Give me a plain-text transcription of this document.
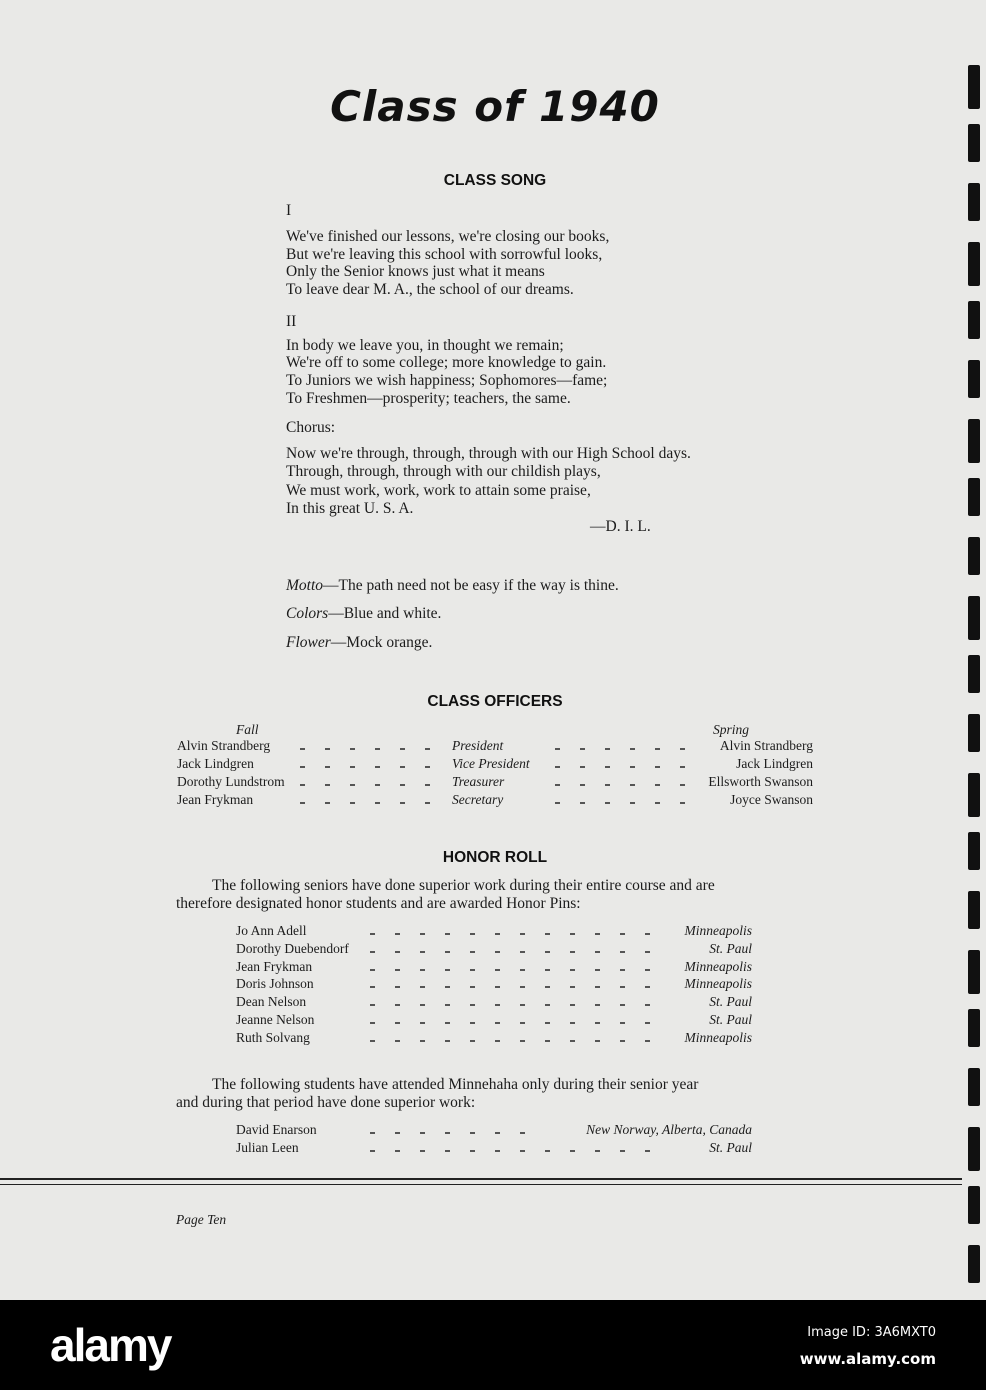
Class of 1940
CLASS SONG
I
We've finished our lessons, we're closing our books,
But we're leaving this school with sorrowful looks,
Only the Senior knows just what it means
To leave dear M. A., the school of our dreams.
II
In body we leave you, in thought we remain;
We're off to some college; more knowledge to gain.
To Juniors we wish happiness; Sophomores—fame;
To Freshmen—prosperity; teachers, the same.
Chorus:
Now we're through, through, through with our High School days.
Through, through, through with our childish plays,
We must work, work, work to attain some praise,
In this great U. S. A.
—D. I. L.
Motto—The path need not be easy if the way is thine.
Colors—Blue and white.
Flower—Mock orange.
CLASS OFFICERS
Fall	Spring
Alvin Strandberg	President	Alvin Strandberg
Jack Lindgren	Vice President	Jack Lindgren
Dorothy Lundstrom	Treasurer	Ellsworth Swanson
Jean Frykman	Secretary	Joyce Swanson
HONOR ROLL
The following seniors have done superior work during their entire course and are
therefore designated honor students and are awarded Honor Pins:
Jo Ann Adell	Minneapolis
Dorothy Duebendorf	St. Paul
Jean Frykman	Minneapolis
Doris Johnson	Minneapolis
Dean Nelson	St. Paul
Jeanne Nelson	St. Paul
Ruth Solvang	Minneapolis
The following students have attended Minnehaha only during their senior year
and during that period have done superior work:
David Enarson	New Norway, Alberta, Canada
Julian Leen	St. Paul
Page Ten
alamy	Image ID: 3A6MXT0
www.alamy.com
